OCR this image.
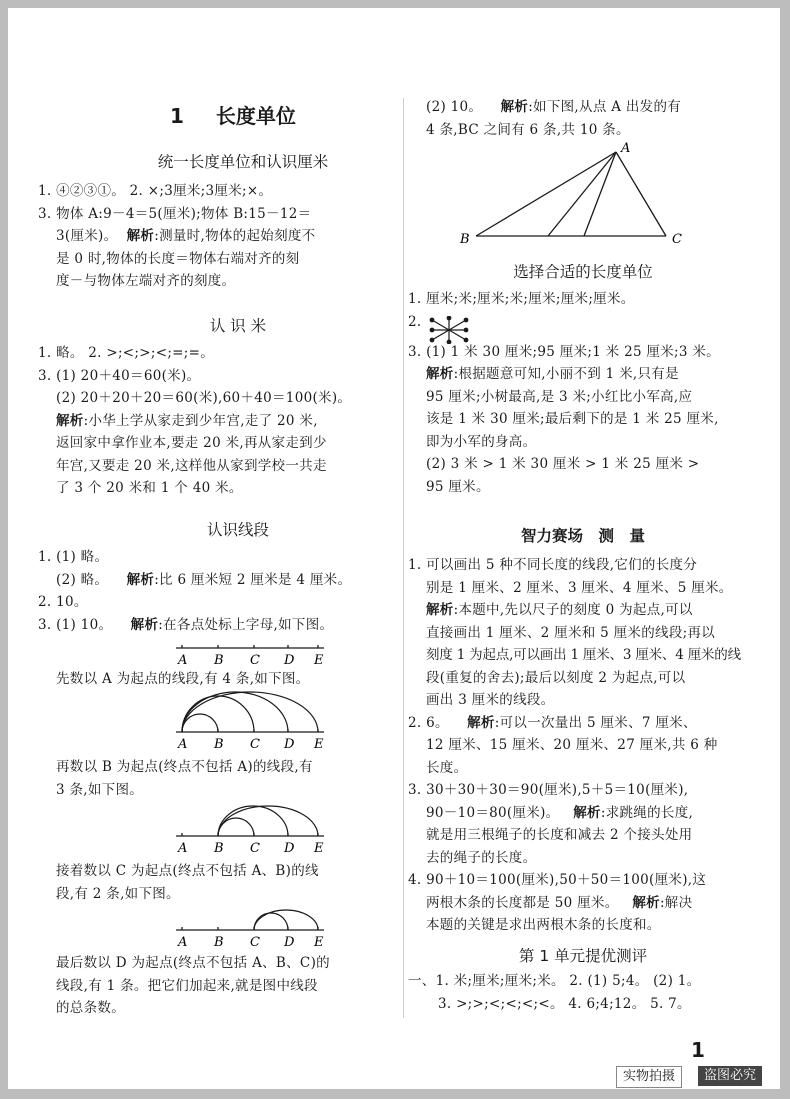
1 长度单位
统一长度单位和认识厘米
1. ④②③①。 2. ×;3厘米;3厘米;×。
3. 物体 A:9－4＝5(厘米);物体 B:15－12＝
3(厘米)。 解析:测量时,物体的起始刻度不
是 0 时,物体的长度＝物体右端对齐的刻
度－与物体左端对齐的刻度。
认 识 米
1. 略。 2. >;<;>;<;=;=。
3. (1) 20＋40＝60(米)。
(2) 20＋20＋20＝60(米),60＋40＝100(米)。
解析:小华上学从家走到少年宫,走了 20 米,
返回家中拿作业本,要走 20 米,再从家走到少
年宫,又要走 20 米,这样他从家到学校一共走
了 3 个 20 米和 1 个 40 米。
认识线段
1. (1) 略。
(2) 略。 解析:比 6 厘米短 2 厘米是 4 厘米。
2. 10。
3. (1) 10。 解析:在各点处标上字母,如下图。
A B C D E
先数以 A 为起点的线段,有 4 条,如下图。
A B C D E
再数以 B 为起点(终点不包括 A)的线段,有
3 条,如下图。
A B C D E
接着数以 C 为起点(终点不包括 A、B)的线
段,有 2 条,如下图。
A B C D E
最后数以 D 为起点(终点不包括 A、B、C)的
线段,有 1 条。把它们加起来,就是图中线段
的总条数。
(2) 10。 解析:如下图,从点 A 出发的有
4 条,BC 之间有 6 条,共 10 条。
A
B	C
选择合适的长度单位
1. 厘米;米;厘米;米;厘米;厘米;厘米。
2.
3. (1) 1 米 30 厘米;95 厘米;1 米 25 厘米;3 米。
解析:根据题意可知,小丽不到 1 米,只有是
95 厘米;小树最高,是 3 米;小红比小军高,应
该是 1 米 30 厘米;最后剩下的是 1 米 25 厘米,
即为小军的身高。
(2) 3 米 > 1 米 30 厘米 > 1 米 25 厘米 >
95 厘米。
智力赛场　测　量
1. 可以画出 5 种不同长度的线段,它们的长度分
别是 1 厘米、2 厘米、3 厘米、4 厘米、5 厘米。
解析:本题中,先以尺子的刻度 0 为起点,可以
直接画出 1 厘米、2 厘米和 5 厘米的线段;再以
刻度 1 为起点,可以画出 1 厘米、3 厘米、4 厘米的线
段(重复的舍去);最后以刻度 2 为起点,可以
画出 3 厘米的线段。
2. 6。 解析:可以一次量出 5 厘米、7 厘米、
12 厘米、15 厘米、20 厘米、27 厘米,共 6 种
长度。
3. 30＋30＋30＝90(厘米),5＋5＝10(厘米),
90－10＝80(厘米)。 解析:求跳绳的长度,
就是用三根绳子的长度和减去 2 个接头处用
去的绳子的长度。
4. 90＋10＝100(厘米),50＋50＝100(厘米),这
两根木条的长度都是 50 厘米。 解析:解决
本题的关键是求出两根木条的长度和。
第 1 单元提优测评
一、1. 米;厘米;厘米;米。 2. (1) 5;4。 (2) 1。
3. >;>;<;<;<;<。 4. 6;4;12。 5. 7。
1
实物拍摄	盗图必究
